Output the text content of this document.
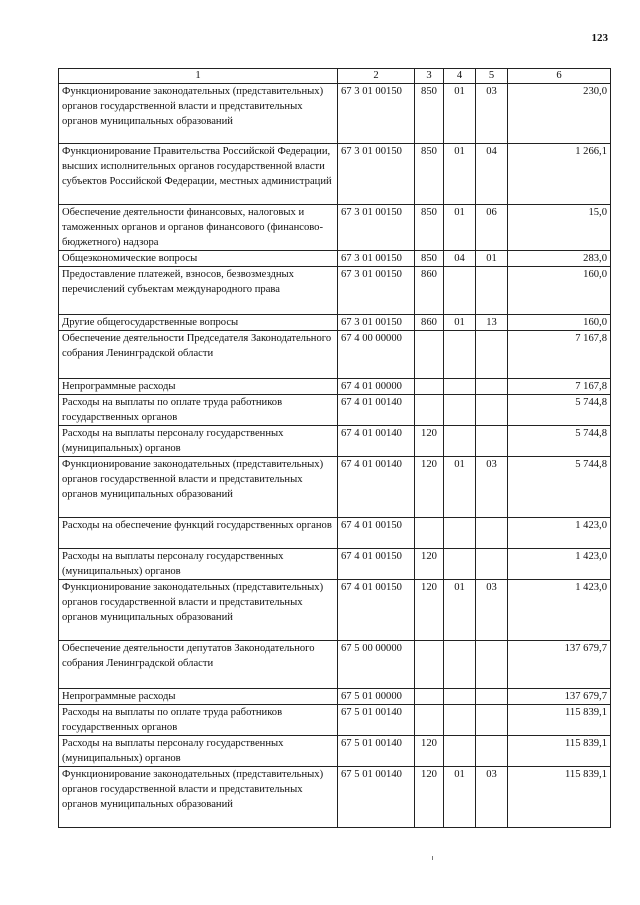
123
1	2	3	4	5	6
Функционирование законодательных (представительных) органов государственной власти и представительных органов муниципальных образований	67 3 01 00150	850	01	03	230,0
Функционирование Правительства Российской Федерации, высших исполнительных органов государственной власти субъектов Российской Федерации, местных администраций	67 3 01 00150	850	01	04	1 266,1
Обеспечение деятельности финансовых, налоговых и таможенных органов и органов финансового (финансово-бюджетного) надзора	67 3 01 00150	850	01	06	15,0
Общеэкономические вопросы	67 3 01 00150	850	04	01	283,0
Предоставление платежей, взносов, безвозмездных перечислений субъектам международного права	67 3 01 00150	860			160,0
Другие общегосударственные вопросы	67 3 01 00150	860	01	13	160,0
Обеспечение деятельности Председателя Законодательного собрания Ленинградской области	67 4 00 00000				7 167,8
Непрограммные расходы	67 4 01 00000				7 167,8
Расходы на выплаты по оплате труда работников государственных органов	67 4 01 00140				5 744,8
Расходы на выплаты персоналу государственных (муниципальных) органов	67 4 01 00140	120			5 744,8
Функционирование законодательных (представительных) органов государственной власти и представительных органов муниципальных образований	67 4 01 00140	120	01	03	5 744,8
Расходы на обеспечение функций государственных органов	67 4 01 00150				1 423,0
Расходы на выплаты персоналу государственных (муниципальных) органов	67 4 01 00150	120			1 423,0
Функционирование законодательных (представительных) органов государственной власти и представительных органов муниципальных образований	67 4 01 00150	120	01	03	1 423,0
Обеспечение деятельности депутатов Законодательного собрания Ленинградской области	67 5 00 00000				137 679,7
Непрограммные расходы	67 5 01 00000				137 679,7
Расходы на выплаты по оплате труда работников государственных органов	67 5 01 00140				115 839,1
Расходы на выплаты персоналу государственных (муниципальных) органов	67 5 01 00140	120			115 839,1
Функционирование законодательных (представительных) органов государственной власти и представительных органов муниципальных образований	67 5 01 00140	120	01	03	115 839,1
